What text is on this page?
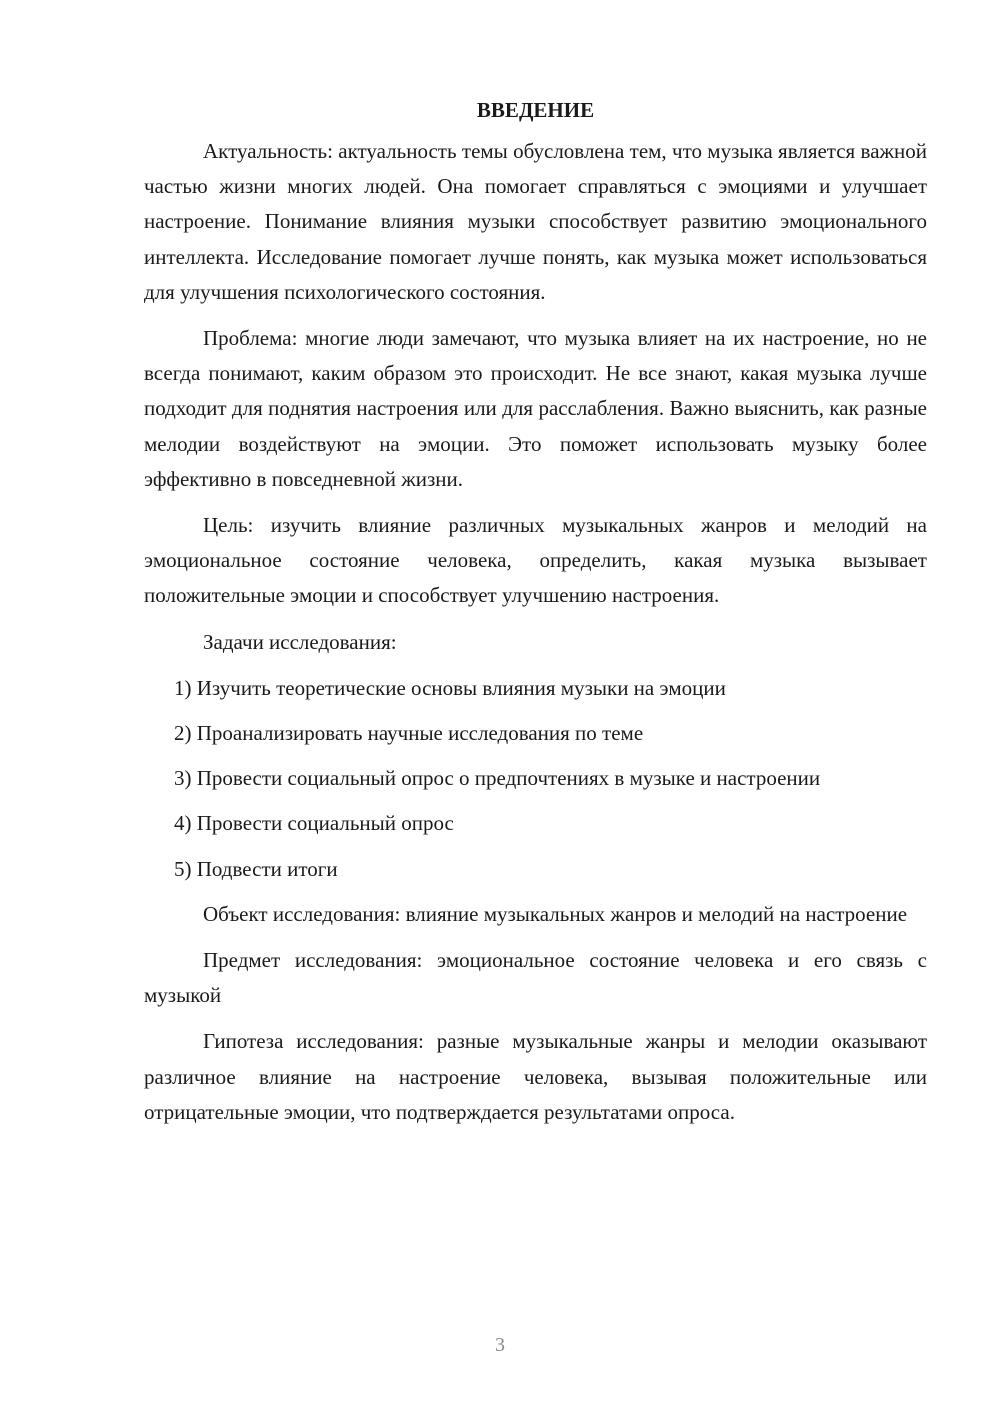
ВВЕДЕНИЕ

Актуальность: актуальность темы обусловлена тем, что музыка является важной частью жизни многих людей. Она помогает справляться с эмоциями и улучшает настроение. Понимание влияния музыки способствует развитию эмоционального интеллекта. Исследование помогает лучше понять, как музыка может использоваться для улучшения психологического состояния.

Проблема: многие люди замечают, что музыка влияет на их настроение, но не всегда понимают, каким образом это происходит. Не все знают, какая музыка лучше подходит для поднятия настроения или для расслабления. Важно выяснить, как разные мелодии воздействуют на эмоции. Это поможет использовать музыку более эффективно в повседневной жизни.

Цель: изучить влияние различных музыкальных жанров и мелодий на эмоциональное состояние человека, определить, какая музыка вызывает положительные эмоции и способствует улучшению настроения.

Задачи исследования:

1) Изучить теоретические основы влияния музыки на эмоции

2) Проанализировать научные исследования по теме

3) Провести социальный опрос о предпочтениях в музыке и настроении

4) Провести социальный опрос

5) Подвести итоги

Объект исследования: влияние музыкальных жанров и мелодий на настроение

Предмет исследования: эмоциональное состояние человека и его связь с музыкой

Гипотеза исследования: разные музыкальные жанры и мелодии оказывают различное влияние на настроение человека, вызывая положительные или отрицательные эмоции, что подтверждается результатами опроса.

3
